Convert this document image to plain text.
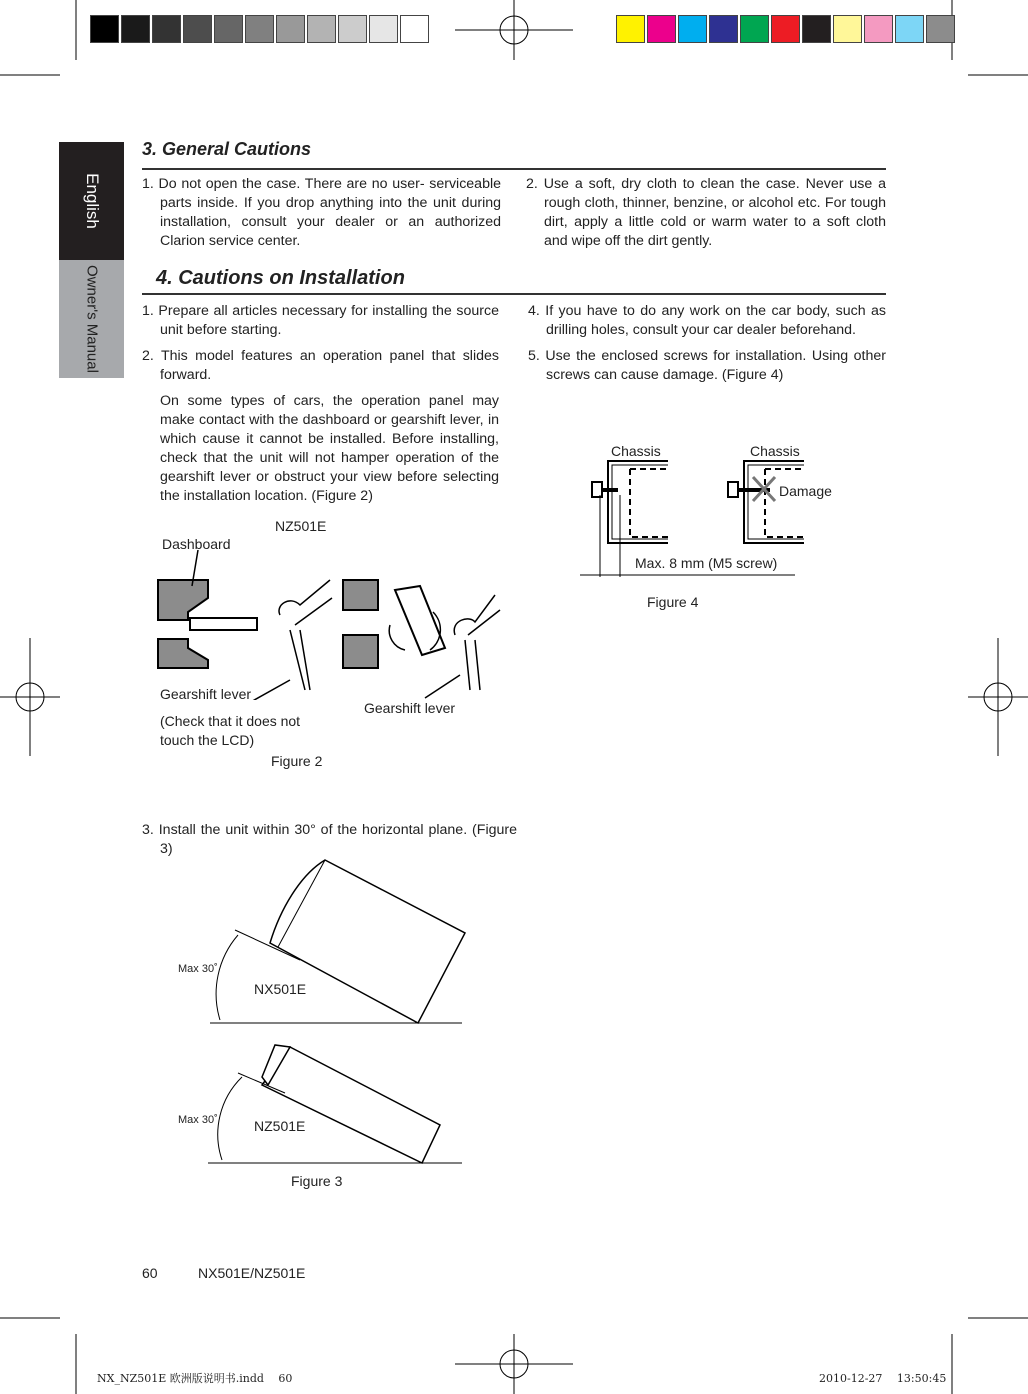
English
Owner's Manual
3. General Cautions

1. Do not open the case. There are no user- serviceable parts inside. If you drop anything into the unit during installation, consult your dealer or an authorized Clarion service center.

2. Use a soft, dry cloth to clean the case. Never use a rough cloth, thinner, benzine, or alcohol etc. For tough dirt, apply a little cold or warm water to a soft cloth and wipe off the dirt gently.

4. Cautions on Installation

1. Prepare all articles necessary for installing the source unit before starting.

2. This model features an operation panel that slides forward.

On some types of cars, the operation panel may make contact with the dashboard or gearshift lever, in which cause it cannot be installed. Before installing, check that the unit will not hamper operation of the gearshift lever or obstruct your view before selecting the installation location. (Figure 2)

4. If you have to do any work on the car body, such as drilling holes, consult your car dealer beforehand.

5. Use the enclosed screws for installation. Using other screws can cause damage. (Figure 4)

3. Install the unit within 30° of the horizontal plane. (Figure 3)

NZ501E
Dashboard
Gearshift lever
(Check that it does not touch the LCD)
Gearshift lever
Figure 2
Chassis	Chassis
Damage
Max. 8 mm (M5 screw)
Figure 4
Max 30˚
NX501E
Max 30˚	NZ501E
Figure 3
60	NX501E/NZ501E
NX_NZ501E 欧洲版说明书.indd　 60	2010-12-27　 13:50:45
